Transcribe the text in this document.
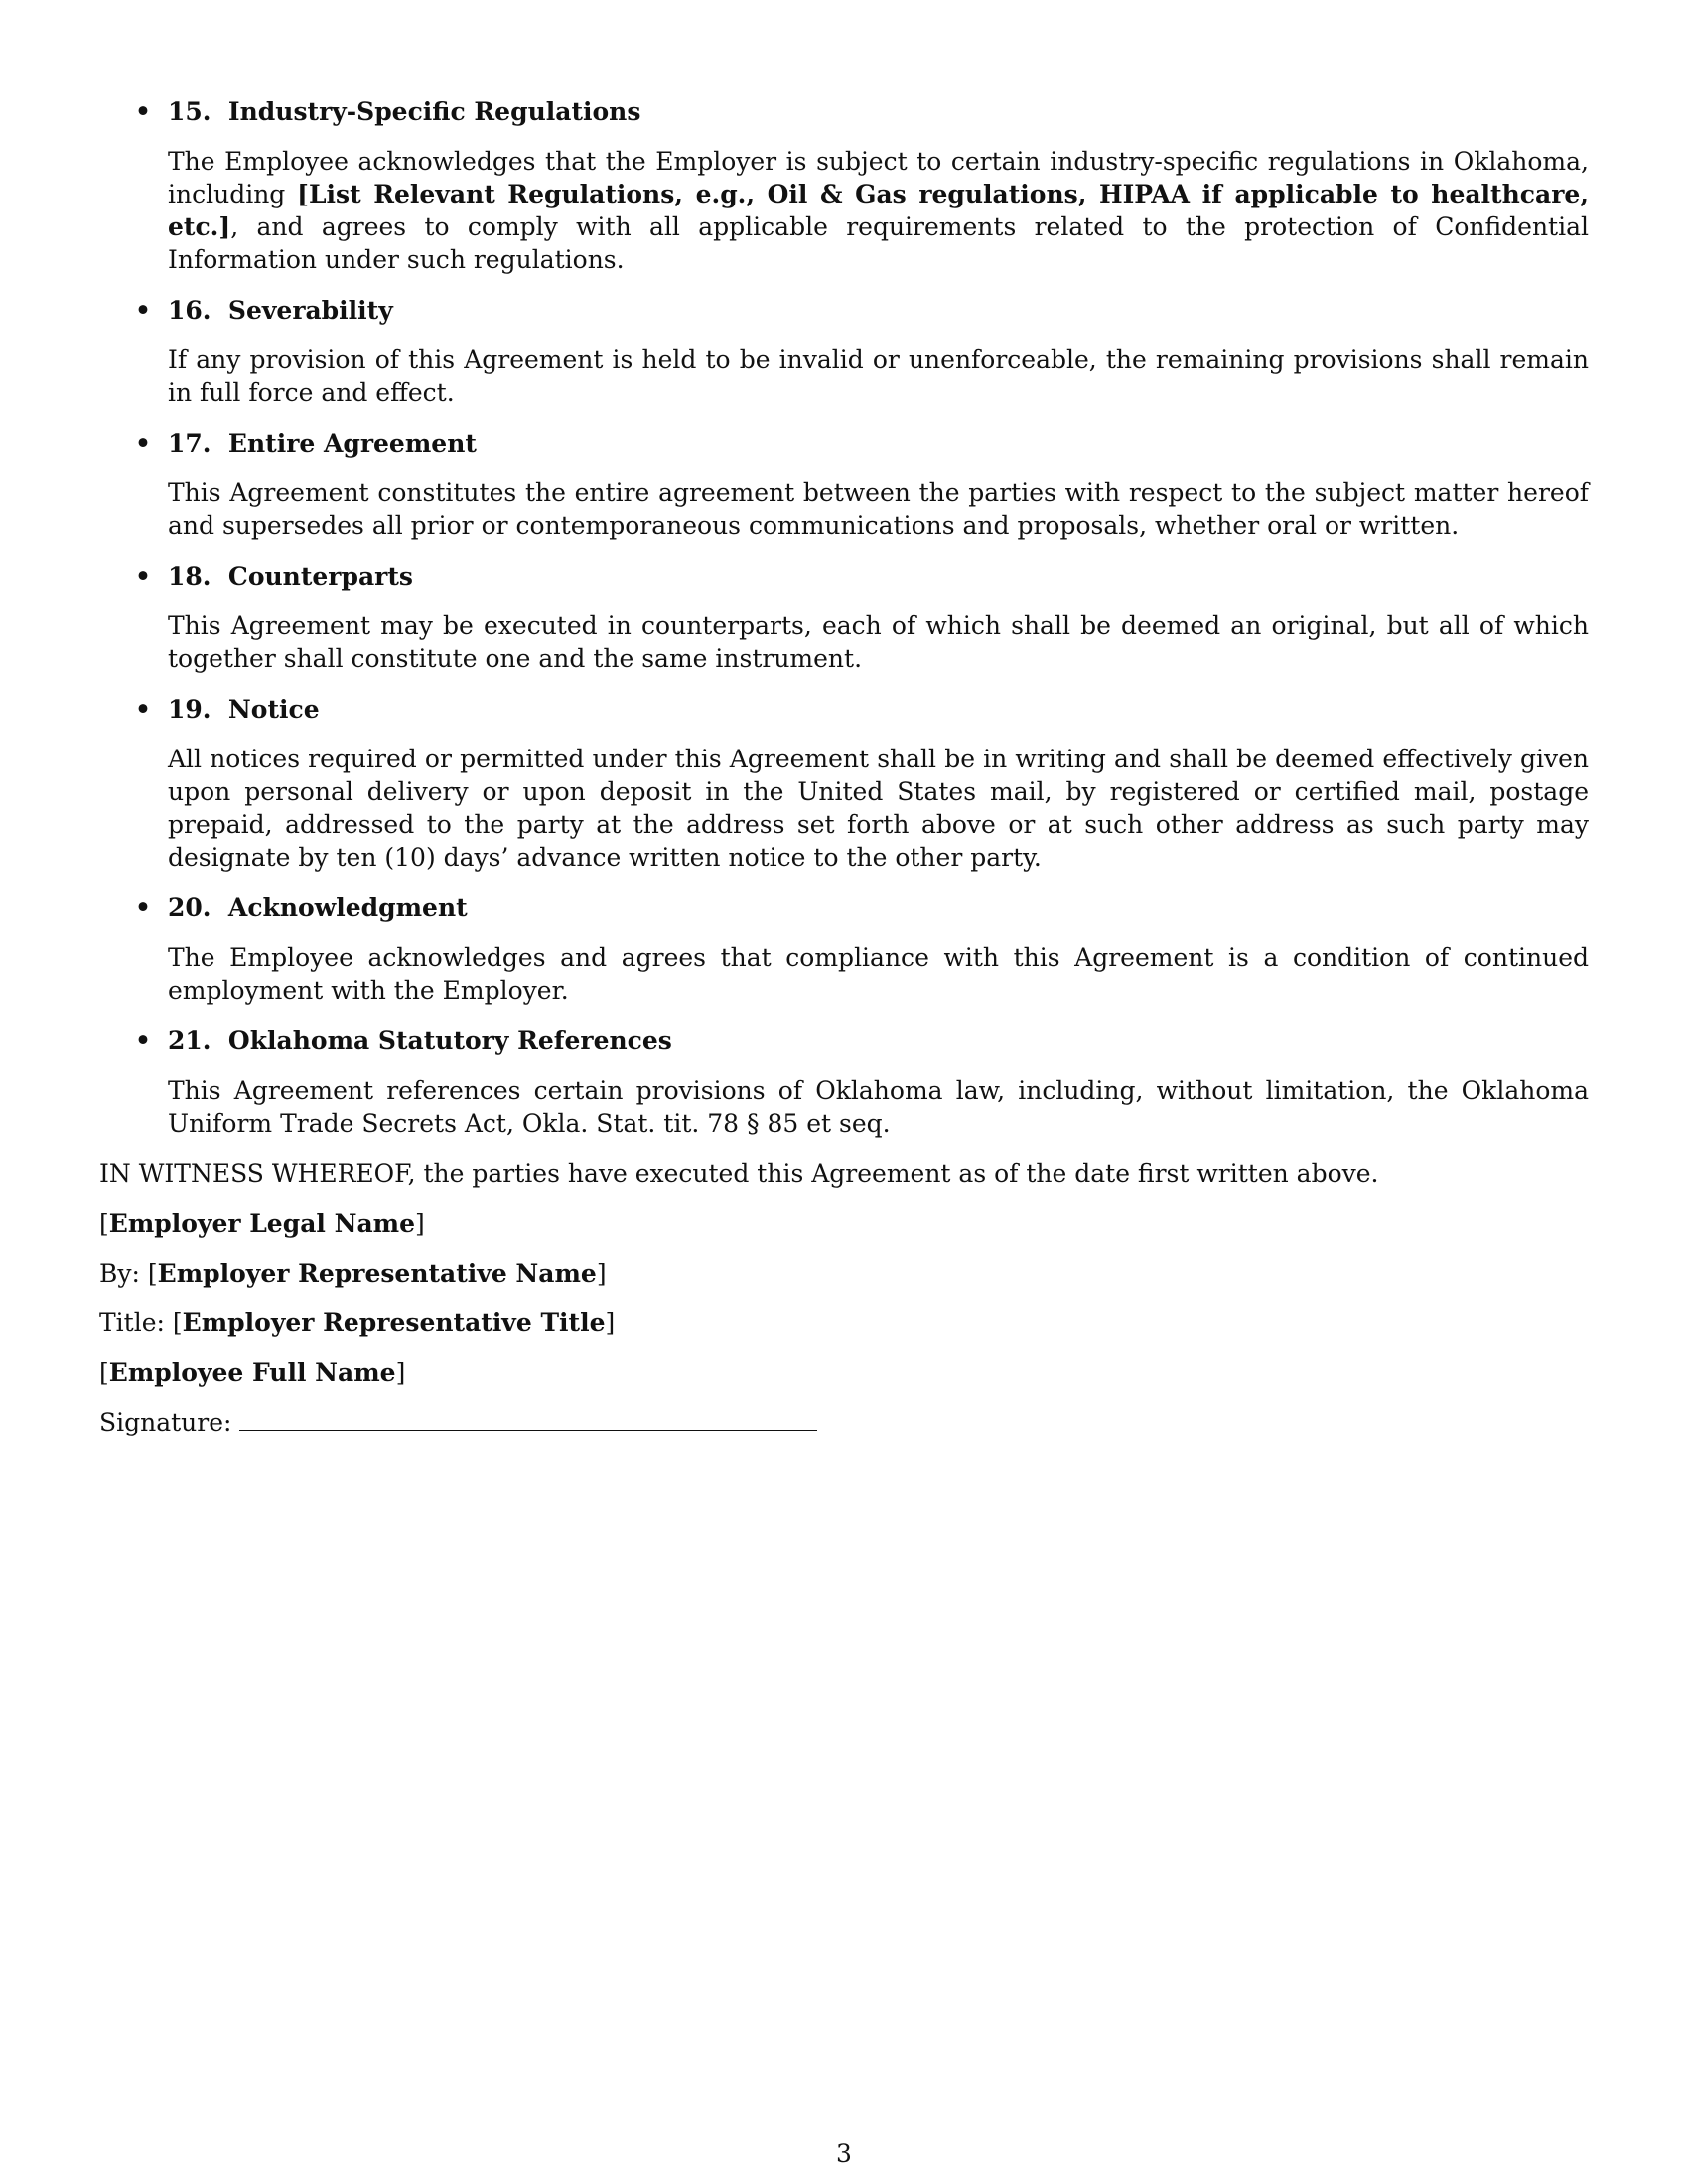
• 15. Industry-Specific Regulations

The Employee acknowledges that the Employer is subject to certain industry-specific regulations in Oklahoma, including [List Relevant Regulations, e.g., Oil & Gas regulations, HIPAA if applicable to healthcare, etc.], and agrees to comply with all applicable requirements related to the protection of Confidential Information under such regulations.

• 16. Severability

If any provision of this Agreement is held to be invalid or unenforceable, the remaining provisions shall remain in full force and effect.

• 17. Entire Agreement

This Agreement constitutes the entire agreement between the parties with respect to the subject matter hereof and supersedes all prior or contemporaneous communications and proposals, whether oral or written.

• 18. Counterparts

This Agreement may be executed in counterparts, each of which shall be deemed an original, but all of which together shall constitute one and the same instrument.

• 19. Notice

All notices required or permitted under this Agreement shall be in writing and shall be deemed effectively given upon personal delivery or upon deposit in the United States mail, by registered or certified mail, postage prepaid, addressed to the party at the address set forth above or at such other address as such party may designate by ten (10) days’ advance written notice to the other party.

• 20. Acknowledgment

The Employee acknowledges and agrees that compliance with this Agreement is a condition of continued employment with the Employer.

• 21. Oklahoma Statutory References

This Agreement references certain provisions of Oklahoma law, including, without limitation, the Oklahoma Uniform Trade Secrets Act, Okla. Stat. tit. 78 § 85 et seq.

IN WITNESS WHEREOF, the parties have executed this Agreement as of the date first written above.

[Employer Legal Name]

By: [Employer Representative Name]

Title: [Employer Representative Title]

[Employee Full Name]

Signature:

3
